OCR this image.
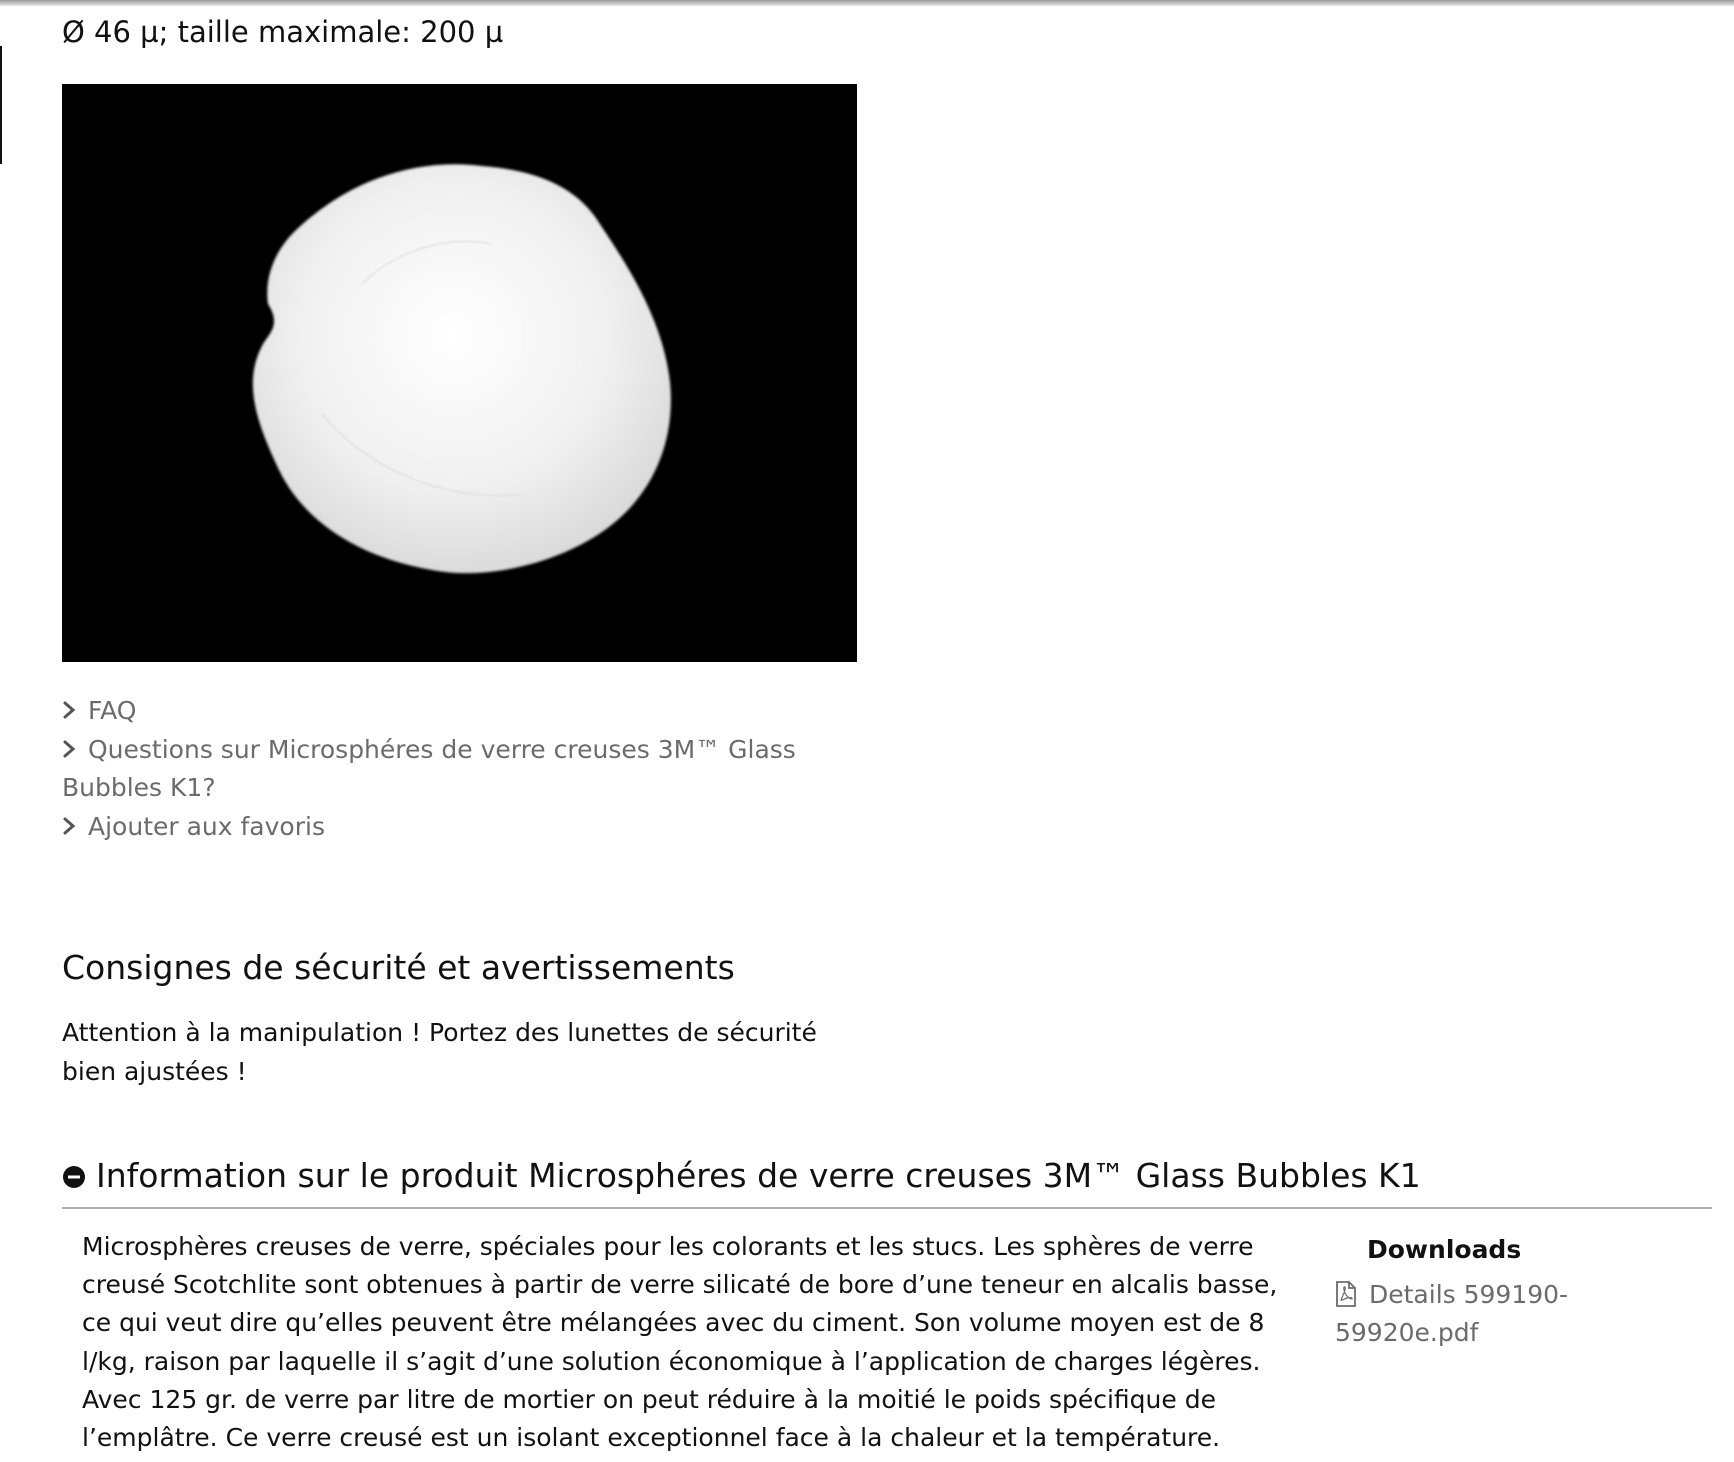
Ø 46 µ; taille maximale: 200 µ
FAQ
Questions sur Microsphéres de verre creuses 3M™ Glass Bubbles K1?
Ajouter aux favoris
Consignes de sécurité et avertissements
Attention à la manipulation ! Portez des lunettes de sécurité bien ajustées !
Information sur le produit Microsphéres de verre creuses 3M™ Glass Bubbles K1
Microsphères creuses de verre, spéciales pour les colorants et les stucs. Les sphères de verre creusé Scotchlite sont obtenues à partir de verre silicaté de bore d’une teneur en alcalis basse, ce qui veut dire qu’elles peuvent être mélangées avec du ciment. Son volume moyen est de 8 l/kg, raison par laquelle il s’agit d’une solution économique à l’application de charges légères. Avec 125 gr. de verre par litre de mortier on peut réduire à la moitié le poids spécifique de l’emplâtre. Ce verre creusé est un isolant exceptionnel face à la chaleur et la température.
Downloads
Details 599190-59920e.pdf
